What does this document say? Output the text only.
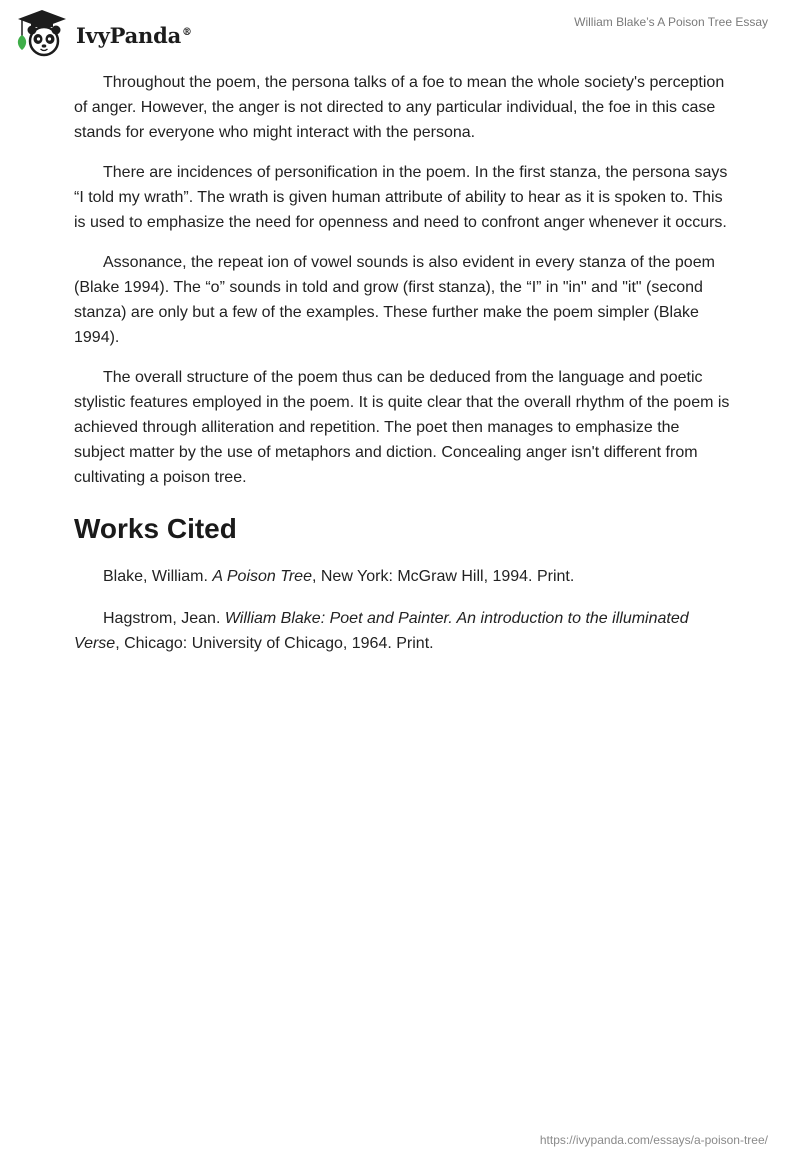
IvyPanda®
William Blake’s A Poison Tree Essay

Throughout the poem, the persona talks of a foe to mean the whole society's perception of anger. However, the anger is not directed to any particular individual, the foe in this case stands for everyone who might interact with the persona.

There are incidences of personification in the poem. In the first stanza, the persona says “I told my wrath”. The wrath is given human attribute of ability to hear as it is spoken to. This is used to emphasize the need for openness and need to confront anger whenever it occurs.

Assonance, the repeat ion of vowel sounds is also evident in every stanza of the poem (Blake 1994). The “o” sounds in told and grow (first stanza), the “I” in "in" and "it" (second stanza) are only but a few of the examples. These further make the poem simpler (Blake 1994).

The overall structure of the poem thus can be deduced from the language and poetic stylistic features employed in the poem. It is quite clear that the overall rhythm of the poem is achieved through alliteration and repetition. The poet then manages to emphasize the subject matter by the use of metaphors and diction. Concealing anger isn't different from cultivating a poison tree.

Works Cited

Blake, William. A Poison Tree, New York: McGraw Hill, 1994. Print.

Hagstrom, Jean. William Blake: Poet and Painter. An introduction to the illuminated Verse, Chicago: University of Chicago, 1964. Print.

https://ivypanda.com/essays/a-poison-tree/
